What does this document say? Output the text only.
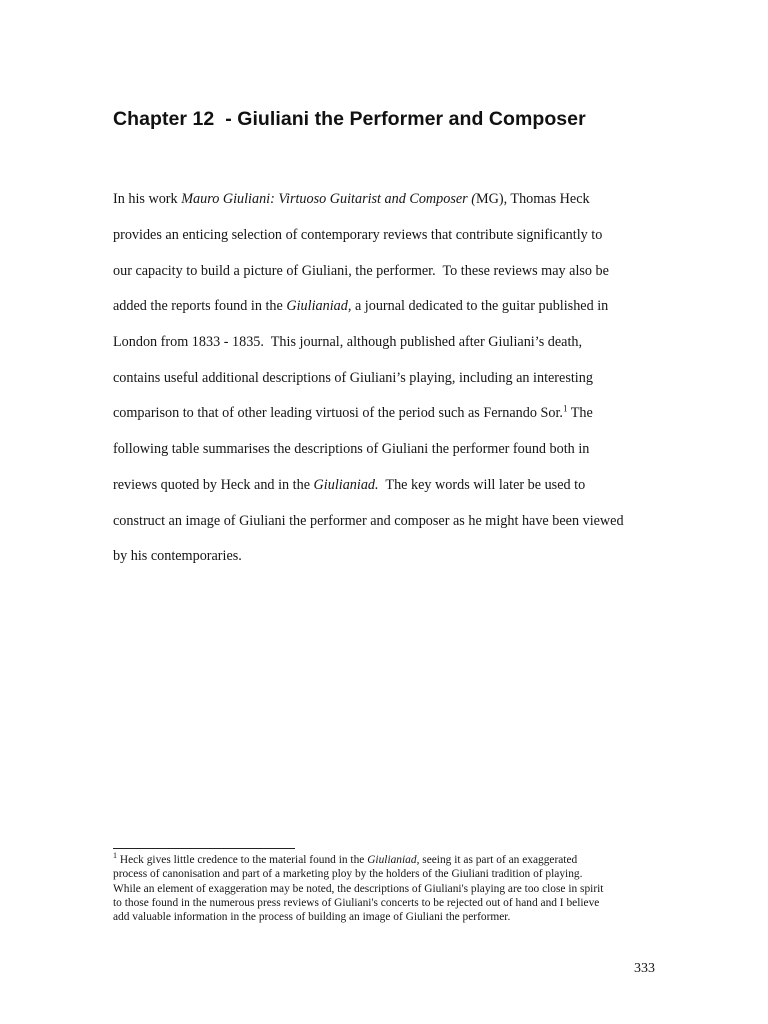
Chapter 12  - Giuliani the Performer and Composer

In his work Mauro Giuliani: Virtuoso Guitarist and Composer (MG), Thomas Heck

provides an enticing selection of contemporary reviews that contribute significantly to

our capacity to build a picture of Giuliani, the performer.  To these reviews may also be

added the reports found in the Giulianiad, a journal dedicated to the guitar published in

London from 1833 - 1835.  This journal, although published after Giuliani’s death,

contains useful additional descriptions of Giuliani’s playing, including an interesting

comparison to that of other leading virtuosi of the period such as Fernando Sor.$^1$ The

following table summarises the descriptions of Giuliani the performer found both in

reviews quoted by Heck and in the Giulianiad.  The key words will later be used to

construct an image of Giuliani the performer and composer as he might have been viewed

by his contemporaries.

$^1$ Heck gives little credence to the material found in the Giulianiad, seeing it as part of an exaggerated

process of canonisation and part of a marketing ploy by the holders of the Giuliani tradition of playing.

While an element of exaggeration may be noted, the descriptions of Giuliani's playing are too close in spirit

to those found in the numerous press reviews of Giuliani's concerts to be rejected out of hand and I believe

add valuable information in the process of building an image of Giuliani the performer.

333
